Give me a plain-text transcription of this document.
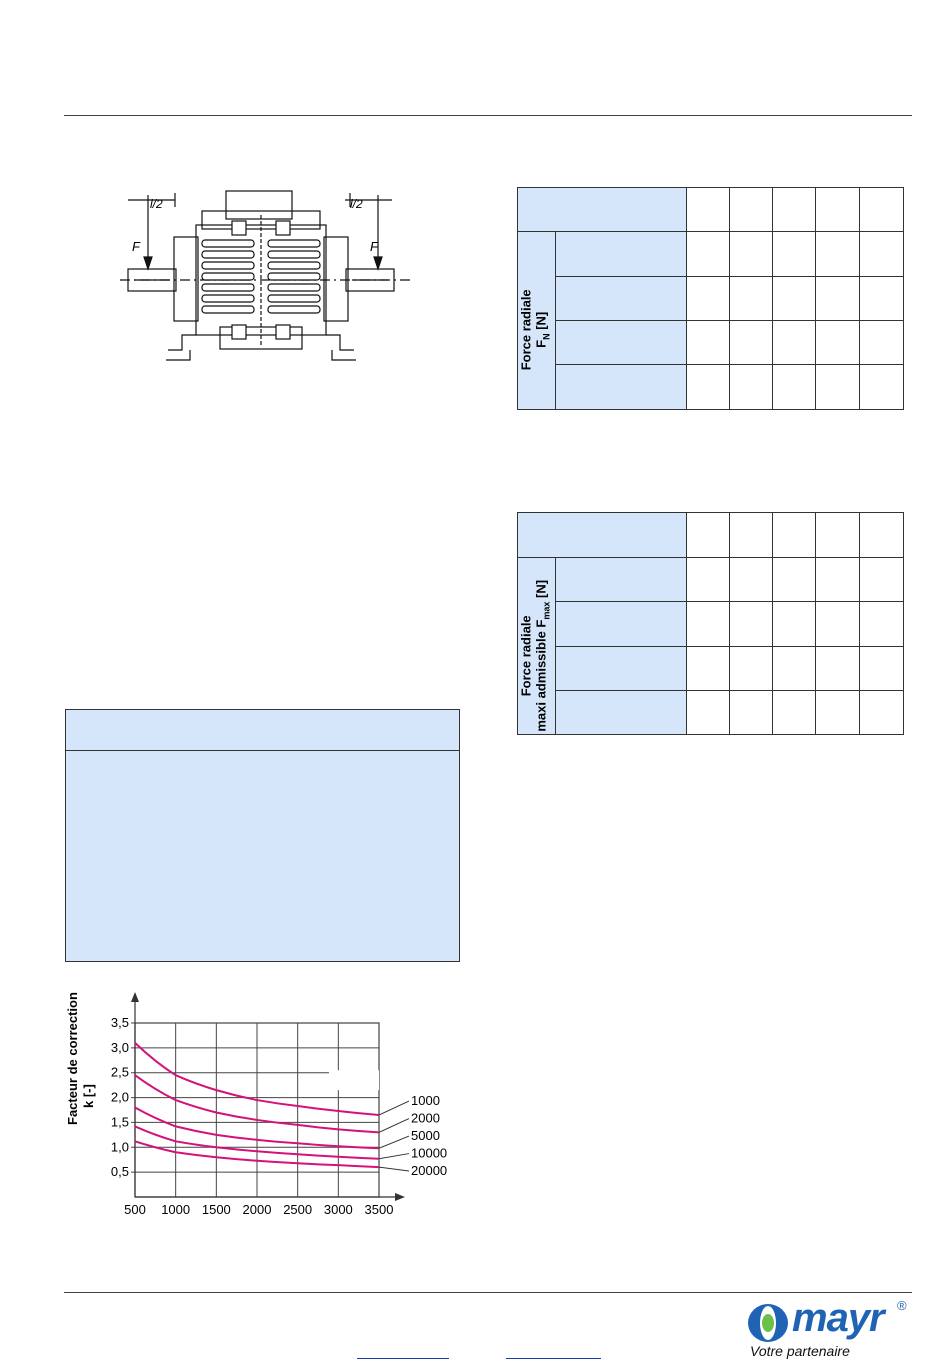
l/2	l/2
F	F

Force radiale
$F_N$ [N]						

Force radiale
maxi admissible $F_{max}$ [N]						

500 1000 1500 2000 2500 3000 3500
0,5
1,0
1,5
2,0
2,5
3,0
3,5
1000
2000
5000
10000
20000
Facteur de correction k [-]
mayr ®
Votre partenaire
